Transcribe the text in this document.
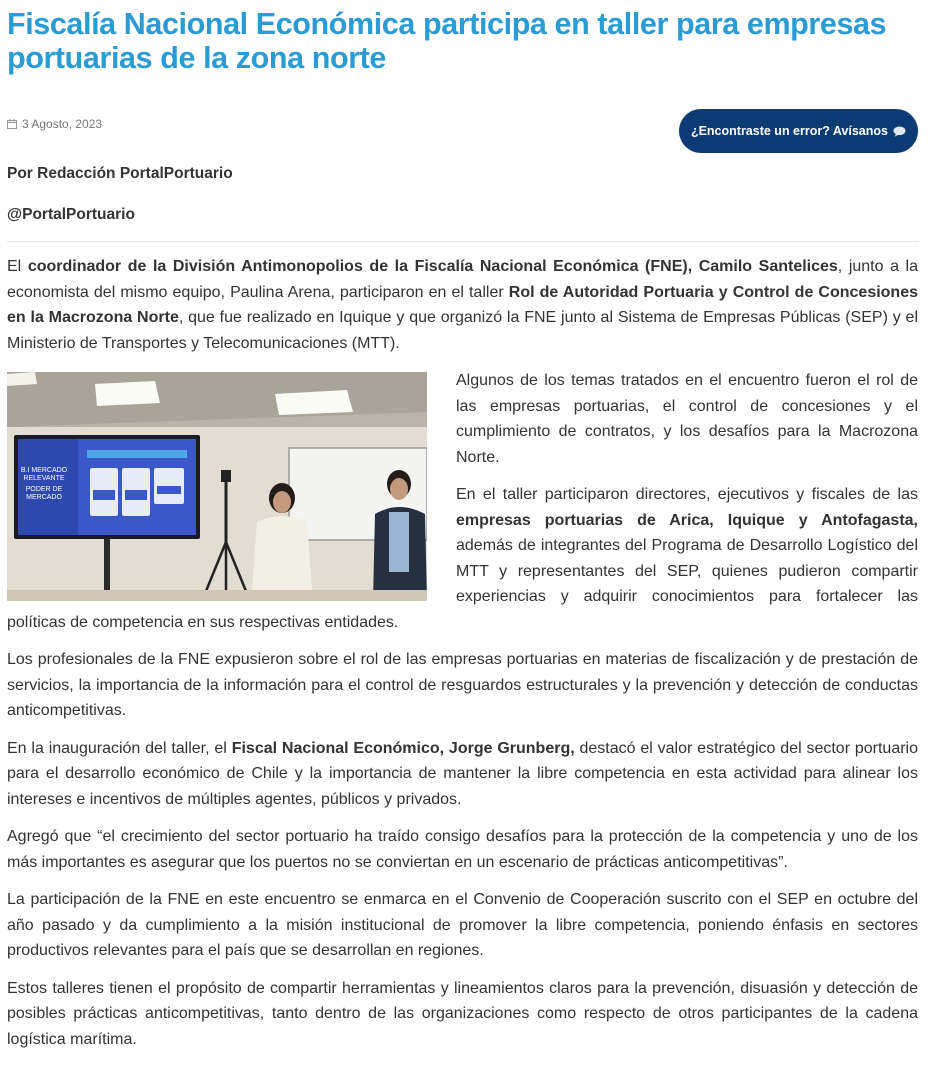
Fiscalía Nacional Económica participa en taller para empresas portuarias de la zona norte
3 Agosto, 2023	¿Encontraste un error? Avísanos
Por Redacción PortalPortuario
@PortalPortuario

El coordinador de la División Antimonopolios de la Fiscalía Nacional Económica (FNE), Camilo Santelices, junto a la economista del mismo equipo, Paulina Arena, participaron en el taller Rol de Autoridad Portuaria y Control de Concesiones en la Macrozona Norte, que fue realizado en Iquique y que organizó la FNE junto al Sistema de Empresas Públicas (SEP) y el Ministerio de Transportes y Telecomunicaciones (MTT).

B.I MERCADO
RELEVANTE
PODER DE
MERCADO

Algunos de los temas tratados en el encuentro fueron el rol de las empresas portuarias, el control de concesiones y el cumplimiento de contratos, y los desafíos para la Macrozona Norte.

En el taller participaron directores, ejecutivos y fiscales de las empresas portuarias de Arica, Iquique y Antofagasta, además de integrantes del Programa de Desarrollo Logístico del MTT y representantes del SEP, quienes pudieron compartir experiencias y adquirir conocimientos para fortalecer las políticas de competencia en sus respectivas entidades.

Los profesionales de la FNE expusieron sobre el rol de las empresas portuarias en materias de fiscalización y de prestación de servicios, la importancia de la información para el control de resguardos estructurales y la prevención y detección de conductas anticompetitivas.

En la inauguración del taller, el Fiscal Nacional Económico, Jorge Grunberg, destacó el valor estratégico del sector portuario para el desarrollo económico de Chile y la importancia de mantener la libre competencia en esta actividad para alinear los intereses e incentivos de múltiples agentes, públicos y privados.

Agregó que “el crecimiento del sector portuario ha traído consigo desafíos para la protección de la competencia y uno de los más importantes es asegurar que los puertos no se conviertan en un escenario de prácticas anticompetitivas”.

La participación de la FNE en este encuentro se enmarca en el Convenio de Cooperación suscrito con el SEP en octubre del año pasado y da cumplimiento a la misión institucional de promover la libre competencia, poniendo énfasis en sectores productivos relevantes para el país que se desarrollan en regiones.

Estos talleres tienen el propósito de compartir herramientas y lineamientos claros para la prevención, disuasión y detección de posibles prácticas anticompetitivas, tanto dentro de las organizaciones como respecto de otros participantes de la cadena logística marítima.
